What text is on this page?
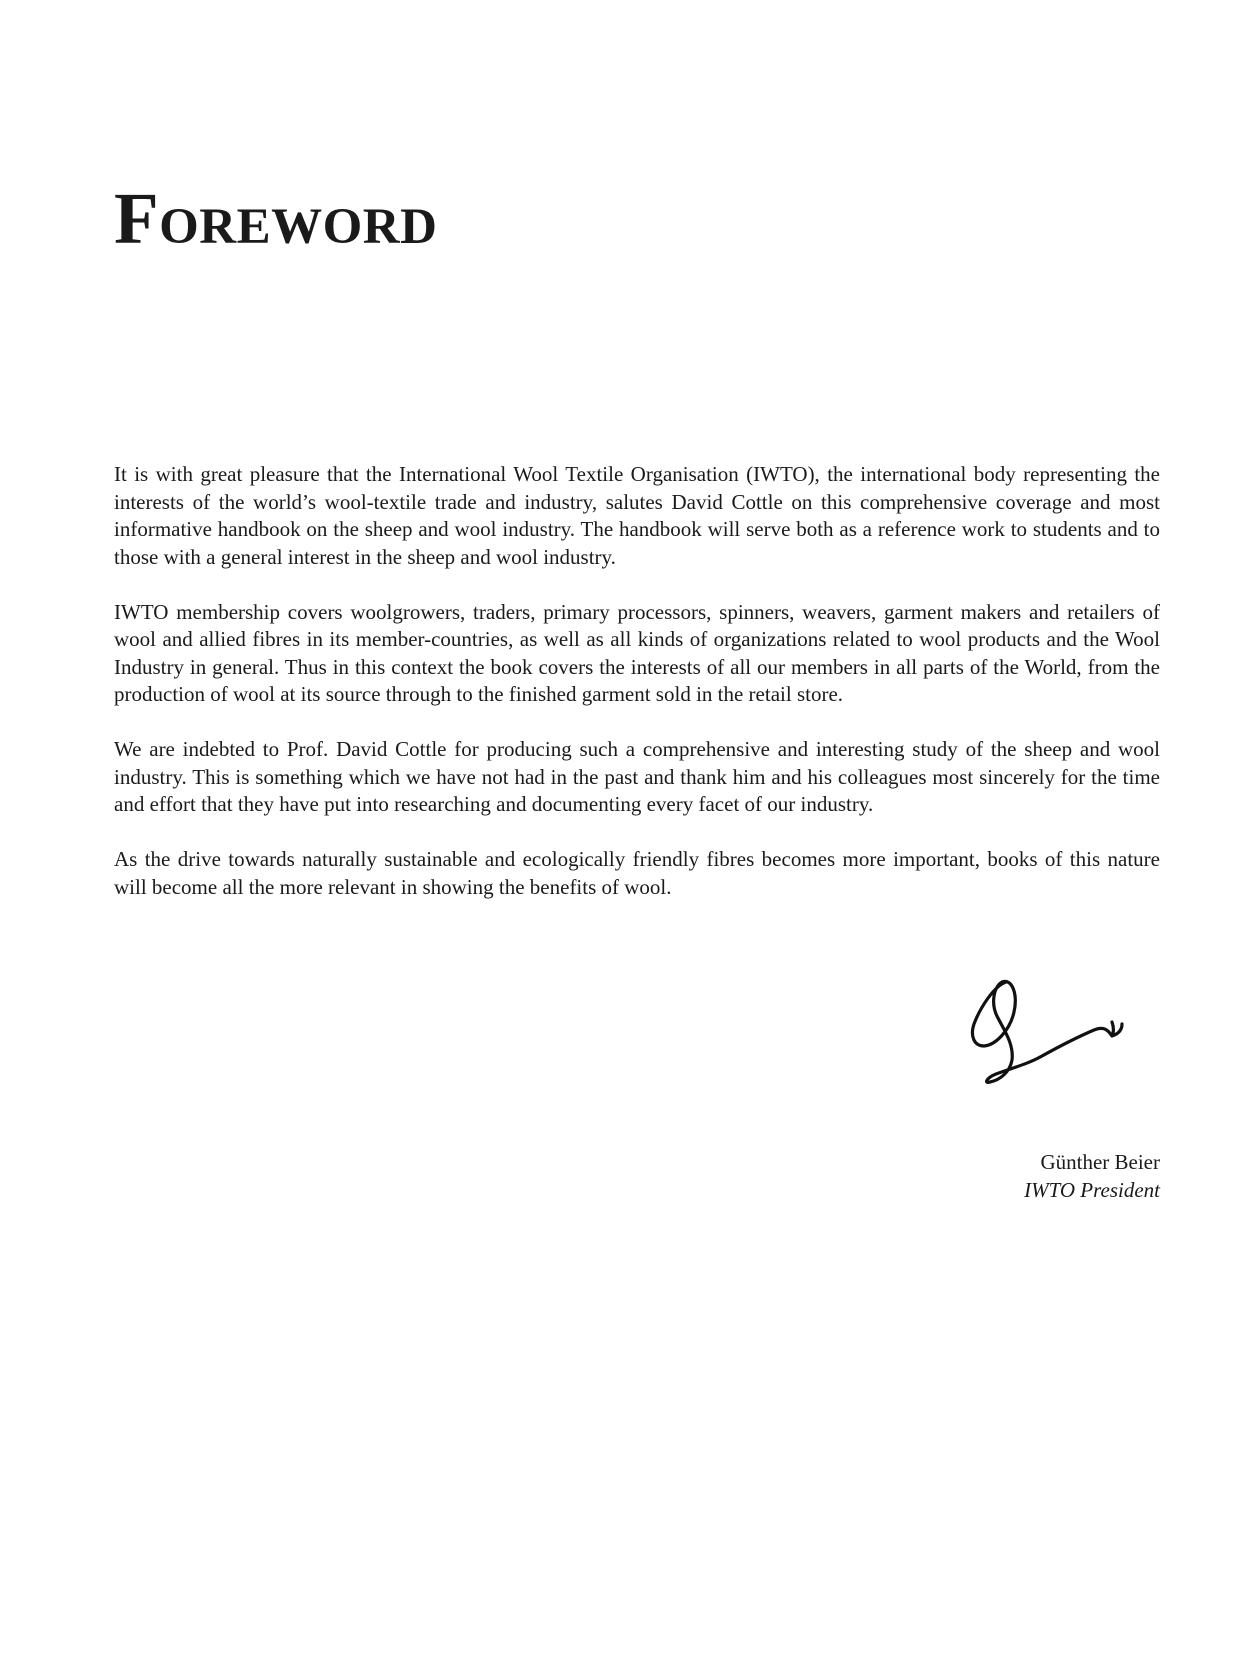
Foreword

It is with great pleasure that the International Wool Textile Organisation (IWTO), the international body representing the interests of the world’s wool-textile trade and industry, salutes David Cottle on this comprehensive coverage and most informative handbook on the sheep and wool industry. The handbook will serve both as a reference work to students and to those with a general interest in the sheep and wool industry.

IWTO membership covers woolgrowers, traders, primary processors, spinners, weavers, garment makers and retailers of wool and allied fibres in its member-countries, as well as all kinds of organizations related to wool products and the Wool Industry in general. Thus in this context the book covers the interests of all our members in all parts of the World, from the production of wool at its source through to the finished garment sold in the retail store.

We are indebted to Prof. David Cottle for producing such a comprehensive and interesting study of the sheep and wool industry. This is something which we have not had in the past and thank him and his colleagues most sincerely for the time and effort that they have put into researching and documenting every facet of our industry.

As the drive towards naturally sustainable and ecologically friendly fibres becomes more important, books of this nature will become all the more relevant in showing the benefits of wool.

Günther Beier
IWTO President
